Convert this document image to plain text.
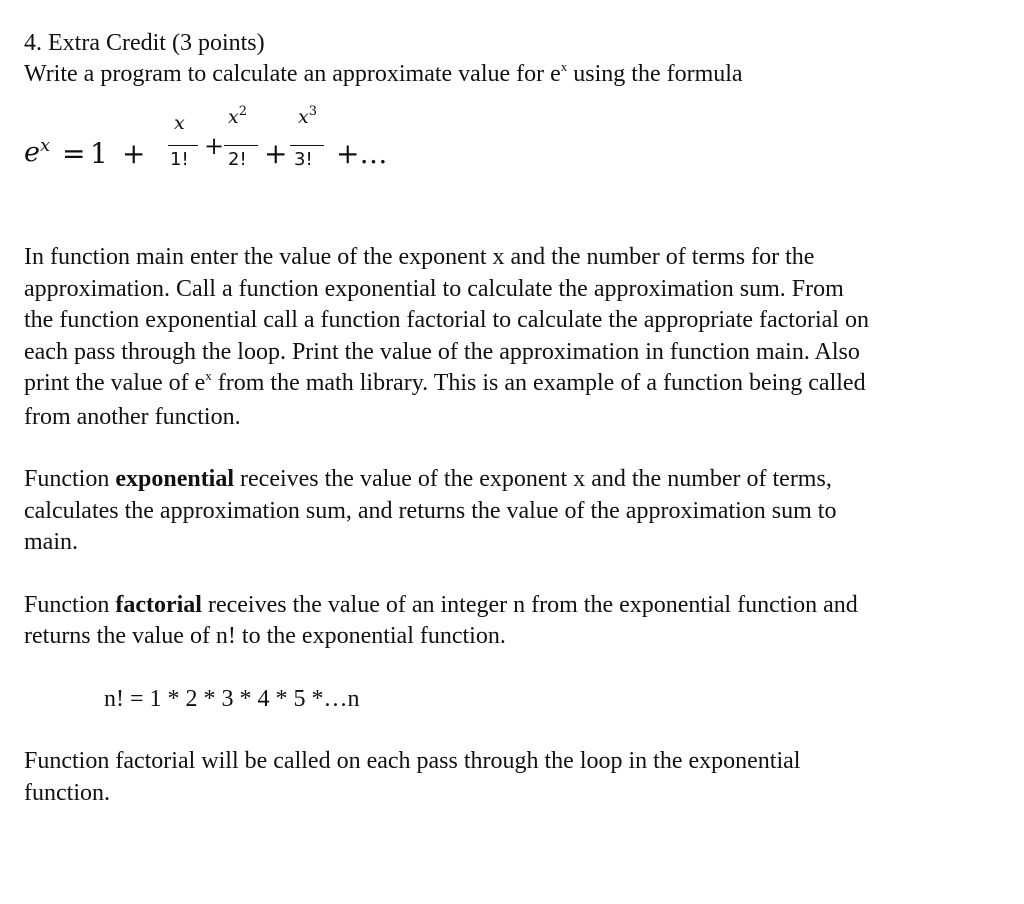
4. Extra Credit (3 points)
Write a program to calculate an approximate value for $e^x$ using the formula
$e^x = 1$ +
x
1! +
$x^2$
2! +
$x^3$
3! +…
In function main enter the value of the exponent x and the number of terms for the
approximation. Call a function exponential to calculate the approximation sum. From
the function exponential call a function factorial to calculate the appropriate factorial on
each pass through the loop. Print the value of the approximation in function main. Also
print the value of $e^x$ from the math library. This is an example of a function being called
from another function.
Function exponential receives the value of the exponent x and the number of terms,
calculates the approximation sum, and returns the value of the approximation sum to
main.
Function factorial receives the value of an integer n from the exponential function and
returns the value of n! to the exponential function.
n! = 1 * 2 * 3 * 4 * 5 *…n
Function factorial will be called on each pass through the loop in the exponential
function.
